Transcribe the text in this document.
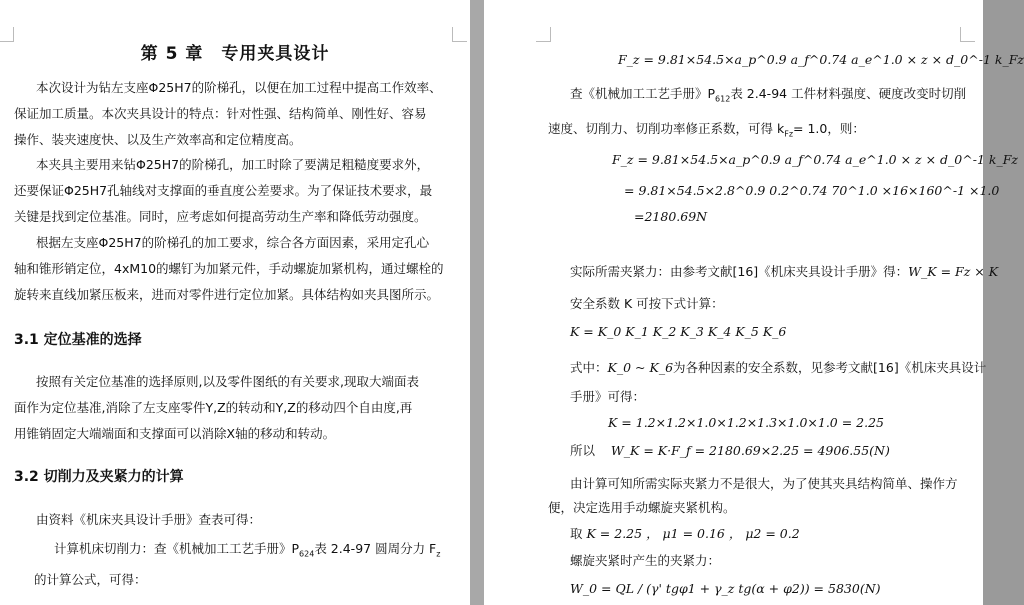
第 5 章　专用夹具设计
本次设计为钻左支座Φ25H7的阶梯孔，以便在加工过程中提高工作效率、
保证加工质量。本次夹具设计的特点：针对性强、结构简单、刚性好、容易
操作、装夹速度快、以及生产效率高和定位精度高。
本夹具主要用来钻Φ25H7的阶梯孔，加工时除了要满足粗糙度要求外，
还要保证Φ25H7孔轴线对支撑面的垂直度公差要求。为了保证技术要求，最
关键是找到定位基准。同时，应考虑如何提高劳动生产率和降低劳动强度。
根据左支座Φ25H7的阶梯孔的加工要求，综合各方面因素，采用定孔心
轴和锥形销定位，4xM10的螺钉为加紧元件，手动螺旋加紧机构，通过螺栓的
旋转来直线加紧压板来，进而对零件进行定位加紧。具体结构如夹具图所示。
3.1 定位基准的选择
按照有关定位基准的选择原则,以及零件图纸的有关要求,现取大端面表
面作为定位基准,消除了左支座零件Y,Z的转动和Y,Z的移动四个自由度,再
用锥销固定大端端面和支撑面可以消除X轴的移动和转动。
3.2 切削力及夹紧力的计算
由资料《机床夹具设计手册》查表可得：
计算机床切削力：查《机械加工工艺手册》$P_{624}$表 2.4-97 圆周分力 $F_z$
的计算公式，可得：
F_z = 9.81×54.5×a_p^0.9 a_f^0.74 a_e^1.0 × z × d_0^-1 k_Fz
查《机械加工工艺手册》$P_{612}$表 2.4-94 工件材料强度、硬度改变时切削
速度、切削力、切削功率修正系数，可得 $k_{Fz}= 1.0$，则：
F_z = 9.81×54.5×a_p^0.9 a_f^0.74 a_e^1.0 × z × d_0^-1 k_Fz
= 9.81×54.5×2.8^0.9 0.2^0.74 70^1.0 ×16×160^-1 ×1.0
=2180.69N
实际所需夹紧力：由参考文献[16]《机床夹具设计手册》得：W_K = Fz × K
安全系数 K 可按下式计算：
K = K_0 K_1 K_2 K_3 K_4 K_5 K_6
式中：K_0 ~ K_6为各种因素的安全系数，见参考文献[16]《机床夹具设计
手册》可得：
K = 1.2×1.2×1.0×1.2×1.3×1.0×1.0 = 2.25
所以 W_K = K·F_f = 2180.69×2.25 = 4906.55(N)
由计算可知所需实际夹紧力不是很大，为了使其夹具结构简单、操作方
便，决定选用手动螺旋夹紧机构。
取 K = 2.25 ， μ1 = 0.16 ， μ2 = 0.2
螺旋夹紧时产生的夹紧力：
W_0 = QL / (γ' tgφ1 + γ_z tg(α + φ2)) = 5830(N)
